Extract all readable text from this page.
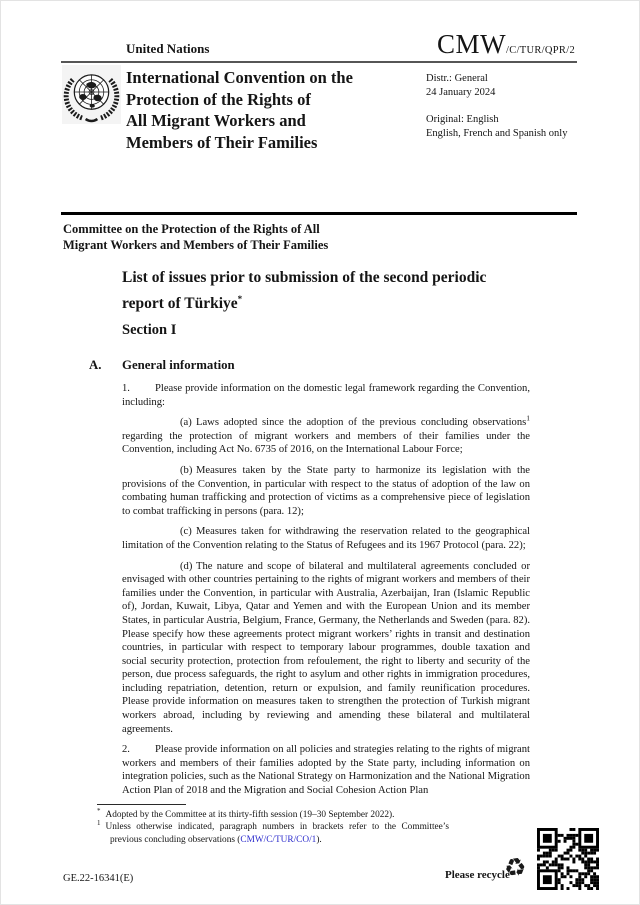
United Nations	CMW/C/TUR/QPR/2
International Convention on the
Protection of the Rights of
All Migrant Workers and
Members of Their Families
Distr.: General
24 January 2024
Original: English
English, French and Spanish only
Committee on the Protection of the Rights of All
Migrant Workers and Members of Their Families
List of issues prior to submission of the second periodic
report of Türkiye*
Section I
A. General information

1. Please provide information on the domestic legal framework regarding the Convention, including:

(a) Laws adopted since the adoption of the previous concluding observations$^1$ regarding the protection of migrant workers and members of their families under the Convention, including Act No. 6735 of 2016, on the International Labour Force;

(b) Measures taken by the State party to harmonize its legislation with the provisions of the Convention, in particular with respect to the status of adoption of the law on combating human trafficking and protection of victims as a comprehensive piece of legislation to combat trafficking in persons (para. 12);

(c) Measures taken for withdrawing the reservation related to the geographical limitation of the Convention relating to the Status of Refugees and its 1967 Protocol (para. 22);

(d) The nature and scope of bilateral and multilateral agreements concluded or envisaged with other countries pertaining to the rights of migrant workers and members of their families under the Convention, in particular with Australia, Azerbaijan, Iran (Islamic Republic of), Jordan, Kuwait, Libya, Qatar and Yemen and with the European Union and its member States, in particular Austria, Belgium, France, Germany, the Netherlands and Sweden (para. 82). Please specify how these agreements protect migrant workers’ rights in transit and destination countries, in particular with respect to temporary labour programmes, double taxation and social security protection, protection from refoulement, the right to liberty and security of the person, due process safeguards, the right to asylum and other rights in immigration procedures, including repatriation, detention, return or expulsion, and family reunification procedures. Please provide information on measures taken to strengthen the protection of Turkish migrant workers abroad, including by reviewing and amending these bilateral and multilateral agreements.

2. Please provide information on all policies and strategies relating to the rights of migrant workers and members of their families adopted by the State party, including information on integration policies, such as the National Strategy on Harmonization and the National Migration Action Plan of 2018 and the Migration and Social Cohesion Action Plan

* Adopted by the Committee at its thirty-fifth session (19–30 September 2022).

$^1$ Unless otherwise indicated, paragraph numbers in brackets refer to the Committee’s previous concluding observations (CMW/C/TUR/CO/1).

GE.22-16341(E)	Please recycle
♻
